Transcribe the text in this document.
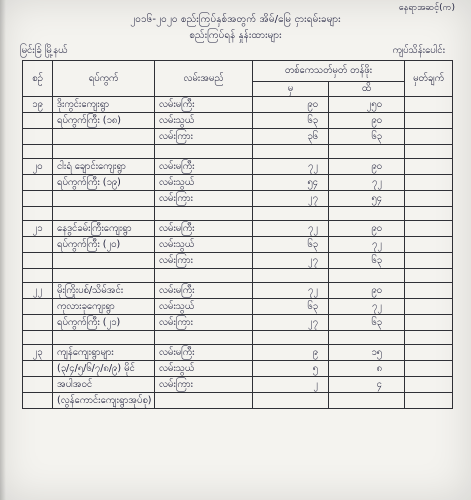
နေရာအဆင့်(က)
၂၀၁၆-၂၀၂၀ စည်းကြပ်နှစ်အတွက် အိမ်/မြေ ငှားရမ်းခများ
စည်းကြပ်ရန် နှုန်းထားများ
မြင်းခြံ မြို့နယ်	ကျပ်သိန်းပေါင်း
စဉ်	ရပ်ကွက်	လမ်းအမည်	တစ်ကေသတ်မှတ် တန်ဖိုး		မှတ်ချက်
			မှ	ထိ	
၁၉	ဒိုးကွင်းကျေးရွာ	လမ်းမကြီး	၉၀	၂၅၀	
	ရပ်ကွက်ကြီး (၁၈)	လမ်းသွယ်	၆၃	၉၀	
		လမ်းကြား	၃၆	၆၃	

၂၀	ငါးရံ ချောင်းကျေးရွာ	လမ်းမကြီး	၇၂	၉၀	
	ရပ်ကွက်ကြီး (၁၉)	လမ်းသွယ်	၅၄	၇၂	
		လမ်းကြား	၂၇	၅၄	

၂၁	နေဒွင်ခမ်းကြီးကျေးရွာ	လမ်းမကြီး	၇၂	၉၀	
	ရပ်ကွက်ကြီး (၂၀)	လမ်းသွယ်	၆၃	၇၂	
		လမ်းကြား	၂၇	၆၃	

၂၂	မိုးကြိုးပစ်/သိမ်အင်း	လမ်းမကြီး	၇၂	၉၀	
	ကုလားခုကျေးရွာ	လမ်းသွယ်	၆၃	၇၂	
	ရပ်ကွက်ကြီး (၂၁)	လမ်းကြား	၂၇	၆၃	

၂၃	ကျန်ကျေးရွာများ	လမ်းမကြီး	၉	၁၅	
	(၃/၄/၅/၆/၇/၈/၉) မိုင်	လမ်းသွယ်	၅	၈	
	အပါအဝင်	လမ်းကြား	၂	၄	
	(လွန်ကောင်းကျေးရွာအုပ်စု)				
